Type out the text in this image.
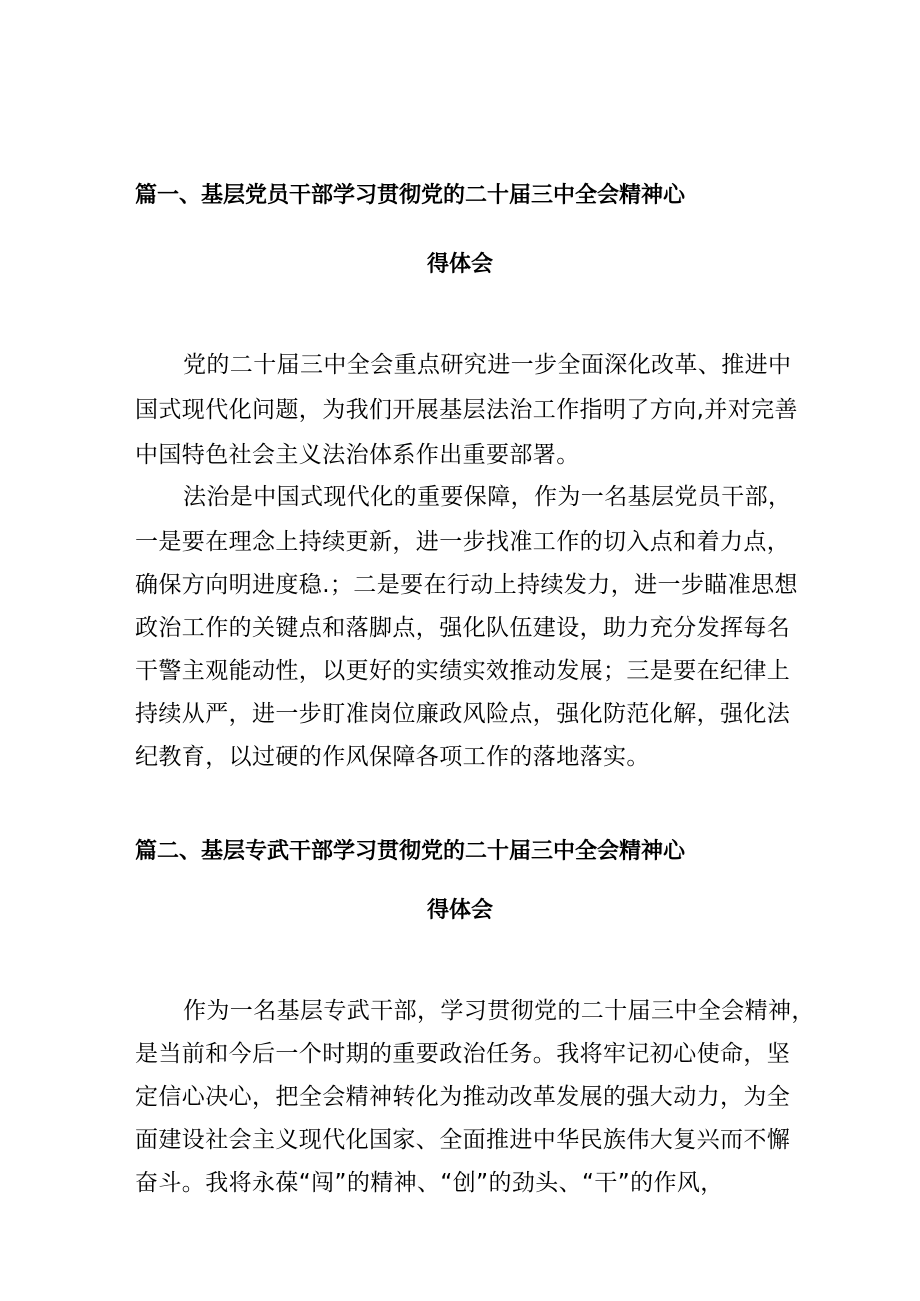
篇一、基层党员干部学习贯彻党的二十届三中全会精神心
得体会
党的二十届三中全会重点研究进一步全面深化改革、推进中
国式现代化问题，为我们开展基层法治工作指明了方向,并对完善
中国特色社会主义法治体系作出重要部署。
法治是中国式现代化的重要保障，作为一名基层党员干部，
一是要在理念上持续更新，进一步找准工作的切入点和着力点，
确保方向明进度稳.；二是要在行动上持续发力，进一步瞄准思想
政治工作的关键点和落脚点，强化队伍建设，助力充分发挥每名
干警主观能动性，以更好的实绩实效推动发展；三是要在纪律上
持续从严，进一步盯准岗位廉政风险点，强化防范化解，强化法
纪教育，以过硬的作风保障各项工作的落地落实。
篇二、基层专武干部学习贯彻党的二十届三中全会精神心
得体会
作为一名基层专武干部，学习贯彻党的二十届三中全会精神，
是当前和今后一个时期的重要政治任务。我将牢记初心使命，坚
定信心决心，把全会精神转化为推动改革发展的强大动力，为全
面建设社会主义现代化国家、全面推进中华民族伟大复兴而不懈
奋斗。我将永葆“闯”的精神、“创”的劲头、“干”的作风，
